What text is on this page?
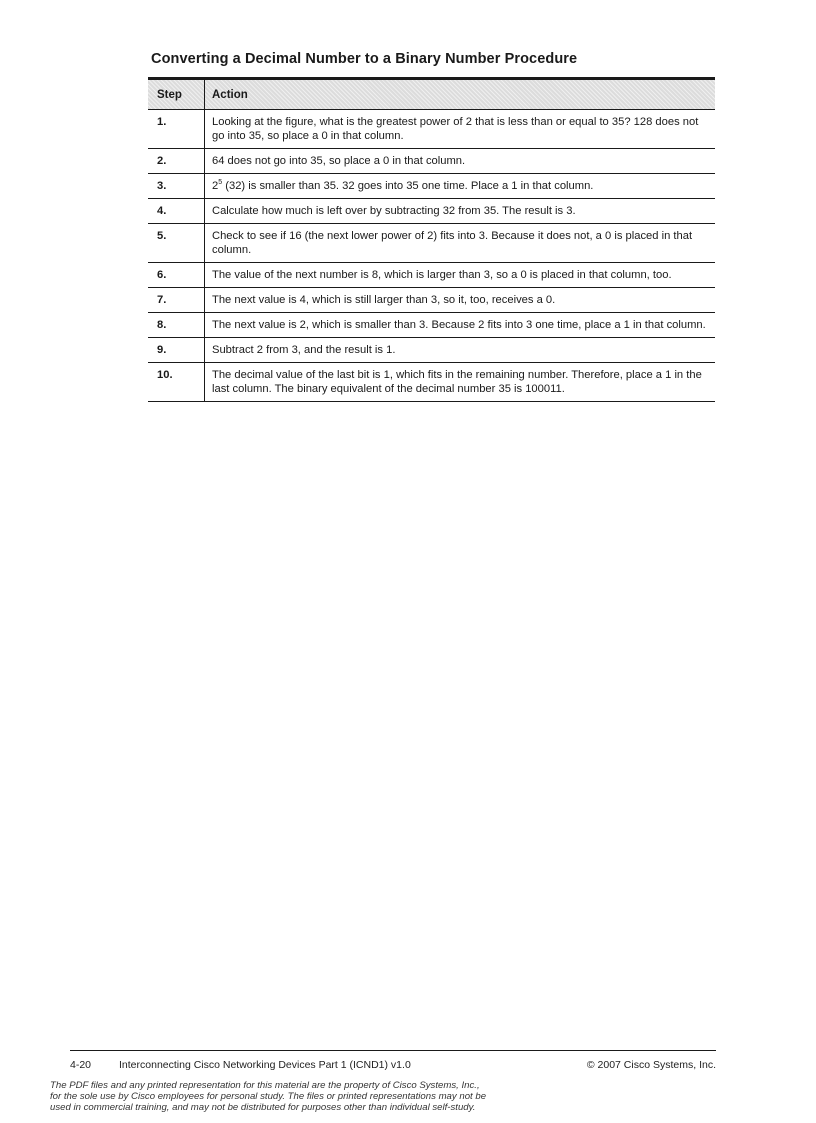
Converting a Decimal Number to a Binary Number Procedure
Step	Action
1.	Looking at the figure, what is the greatest power of 2 that is less than or equal to 35? 128 does not go into 35, so place a 0 in that column.
2.	64 does not go into 35, so place a 0 in that column.
3.	$2^5$ (32) is smaller than 35. 32 goes into 35 one time. Place a 1 in that column.
4.	Calculate how much is left over by subtracting 32 from 35. The result is 3.
5.	Check to see if 16 (the next lower power of 2) fits into 3. Because it does not, a 0 is placed in that column.
6.	The value of the next number is 8, which is larger than 3, so a 0 is placed in that column, too.
7.	The next value is 4, which is still larger than 3, so it, too, receives a 0.
8.	The next value is 2, which is smaller than 3. Because 2 fits into 3 one time, place a 1 in that column.
9.	Subtract 2 from 3, and the result is 1.
10.	The decimal value of the last bit is 1, which fits in the remaining number. Therefore, place a 1 in the last column. The binary equivalent of the decimal number 35 is 100011.
4-20	Interconnecting Cisco Networking Devices Part 1 (ICND1) v1.0	© 2007 Cisco Systems, Inc.
The PDF files and any printed representation for this material are the property of Cisco Systems, Inc.,
for the sole use by Cisco employees for personal study. The files or printed representations may not be
used in commercial training, and may not be distributed for purposes other than individual self-study.
